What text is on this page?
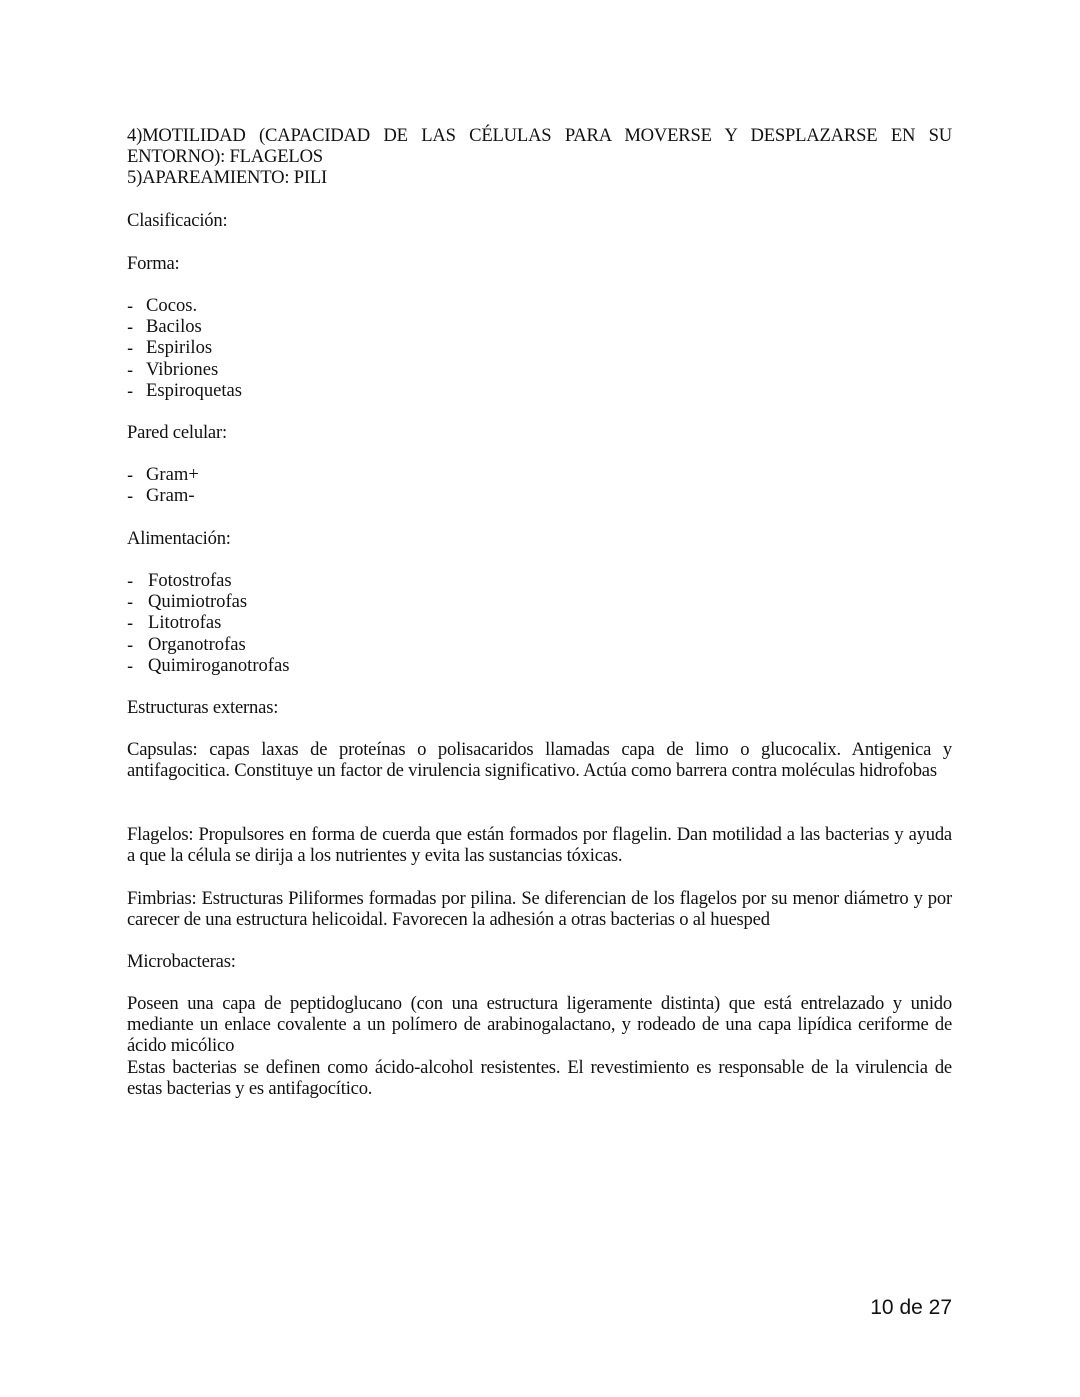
4)MOTILIDAD (CAPACIDAD DE LAS CÉLULAS PARA MOVERSE Y DESPLAZARSE EN SU ENTORNO): FLAGELOS

5)APAREAMIENTO: PILI

Clasificación:
Forma:
- Cocos.
- Bacilos
- Espirilos
- Vibriones
- Espiroquetas
Pared celular:
- Gram+
- Gram-
Alimentación:
- Fotostrofas
- Quimiotrofas
- Litotrofas
- Organotrofas
- Quimiroganotrofas
Estructuras externas:
Capsulas: capas laxas de proteínas o polisacaridos llamadas capa de limo o glucocalix. Antigenica y antifagocitica. Constituye un factor de virulencia significativo. Actúa como barrera contra moléculas hidrofobas
Flagelos: Propulsores en forma de cuerda que están formados por flagelin. Dan motilidad a las bacterias y ayuda a que la célula se dirija a los nutrientes y evita las sustancias tóxicas.
Fimbrias: Estructuras Piliformes formadas por pilina. Se diferencian de los flagelos por su menor diámetro y por carecer de una estructura helicoidal. Favorecen la adhesión a otras bacterias o al huesped
Microbacteras:

Poseen una capa de peptidoglucano (con una estructura ligeramente distinta) que está entrelazado y unido mediante un enlace covalente a un polímero de arabinogalactano, y rodeado de una capa lipídica ceriforme de ácido micólico

Estas bacterias se definen como ácido-alcohol resistentes. El revestimiento es responsable de la virulencia de estas bacterias y es antifagocítico.

10 de 27
